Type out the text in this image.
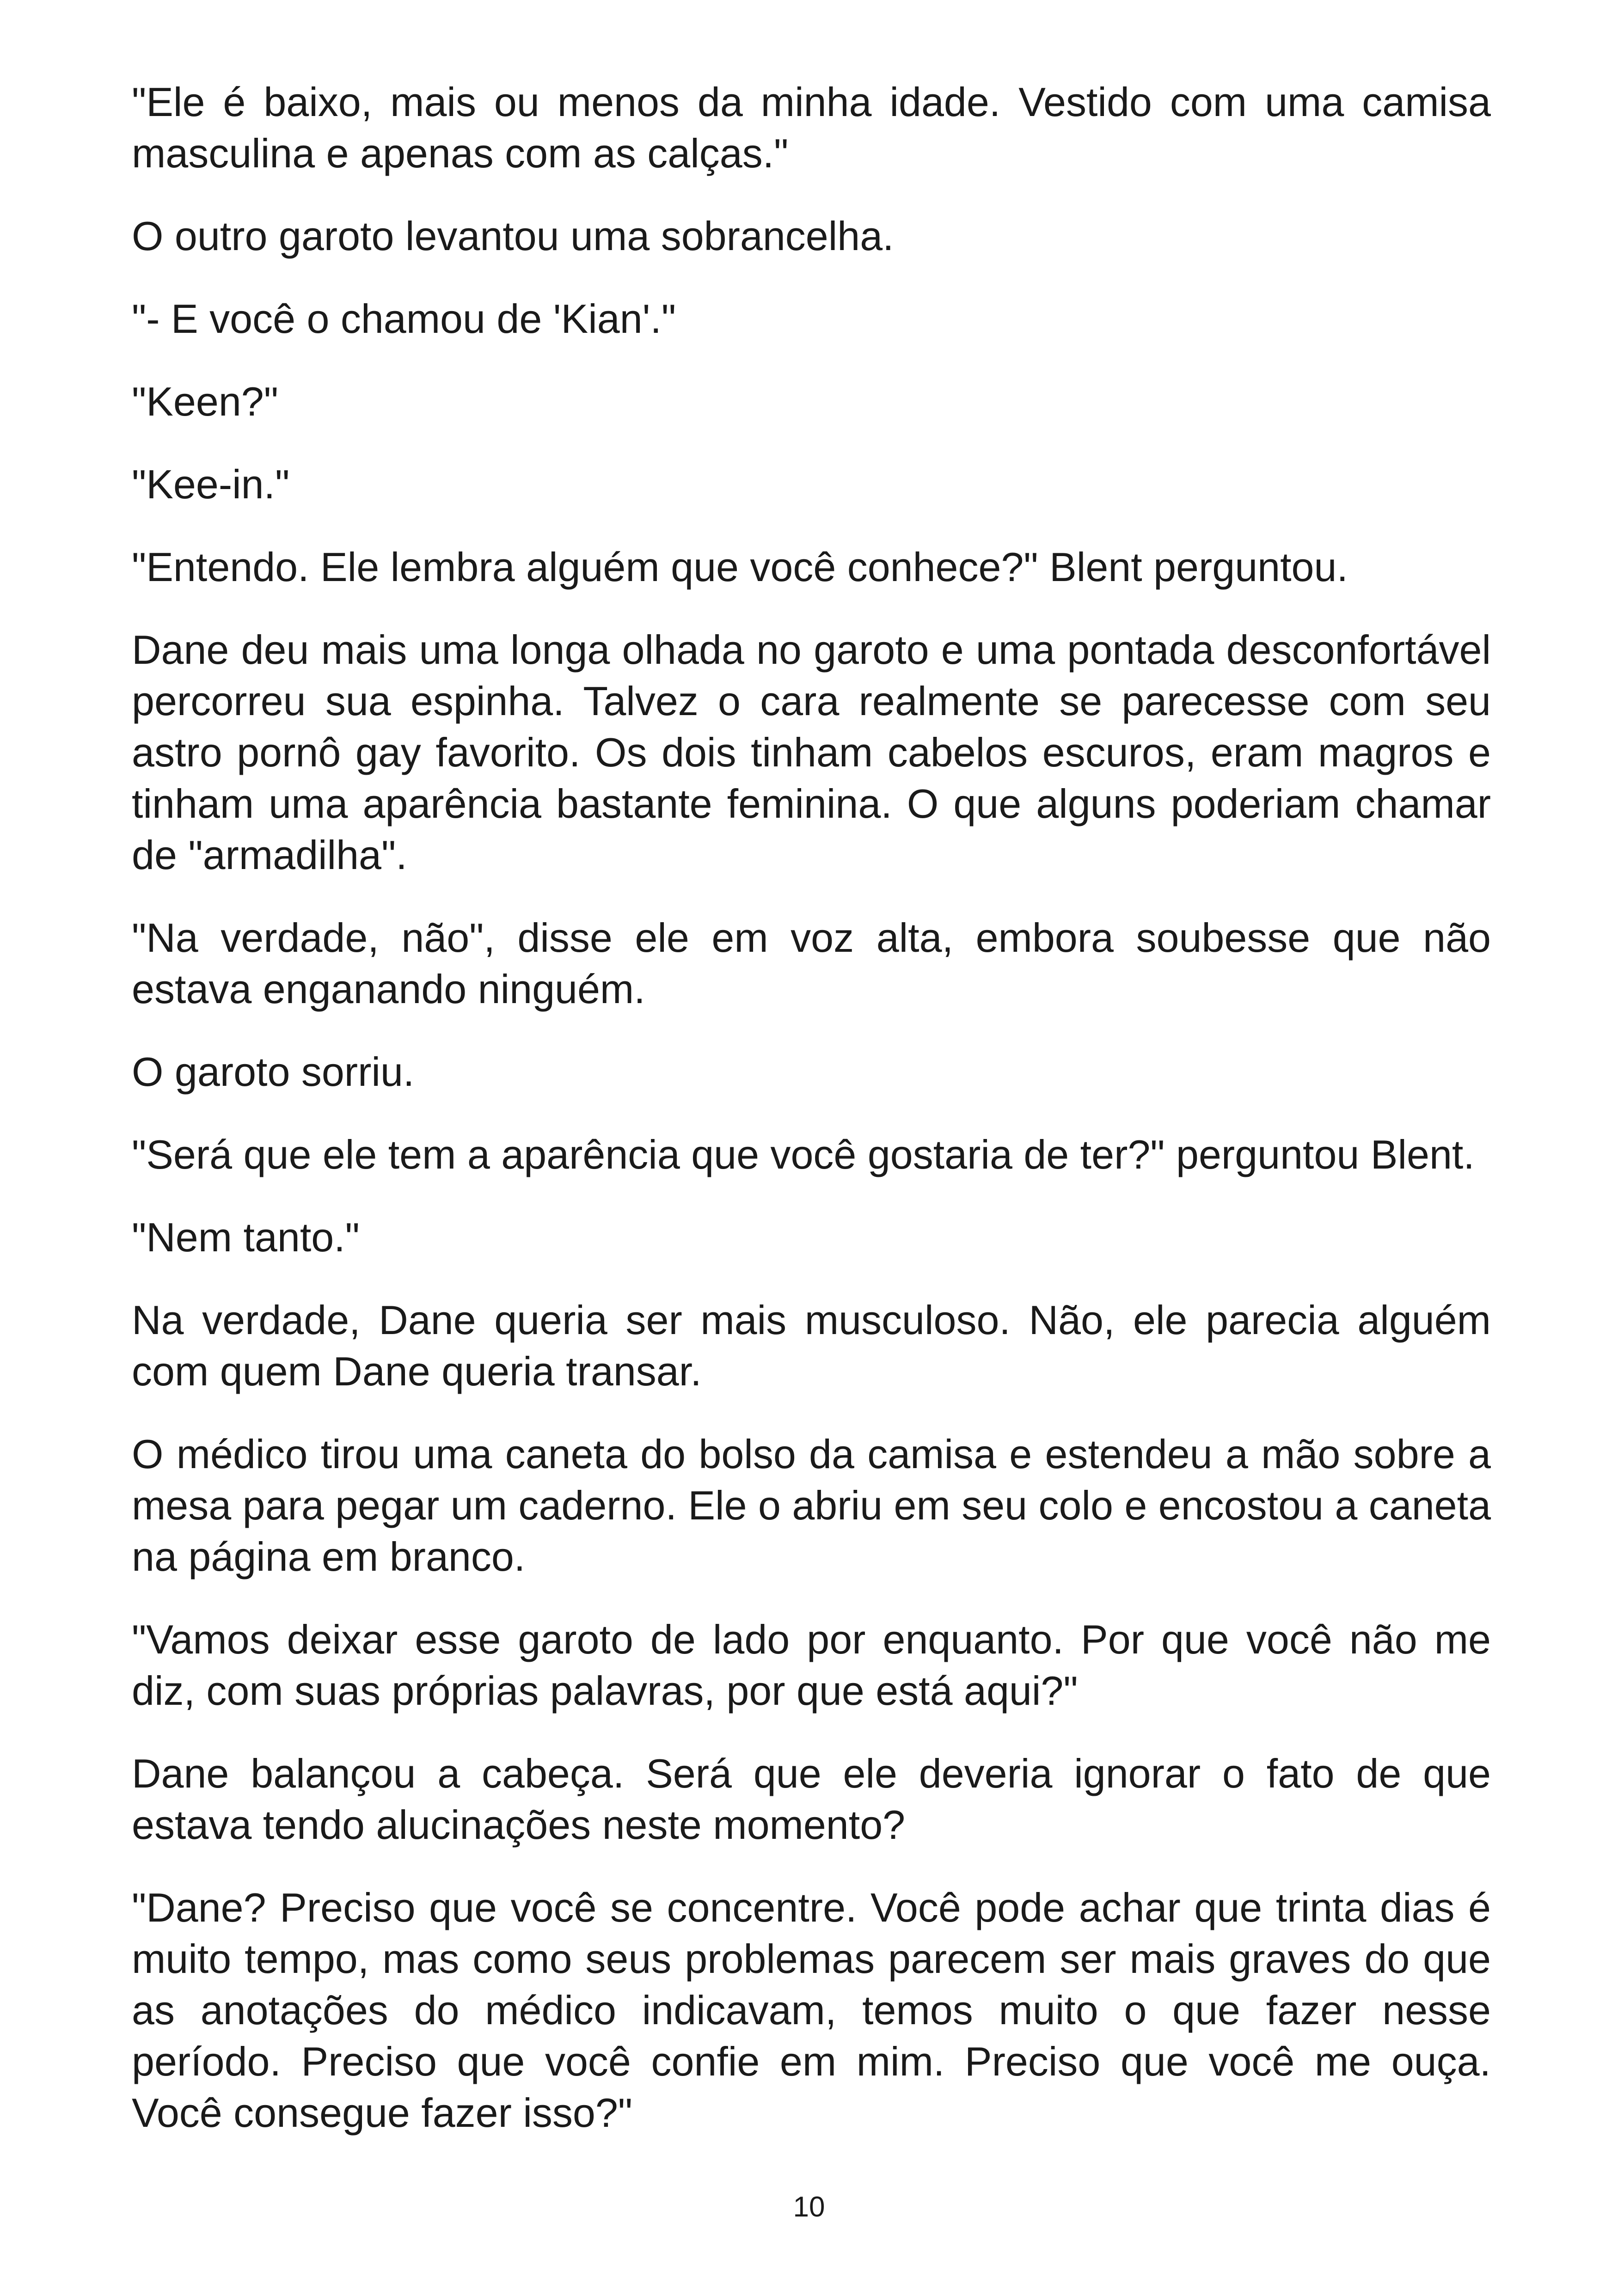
"Ele é baixo, mais ou menos da minha idade. Vestido com uma camisa masculina e apenas com as calças."

O outro garoto levantou uma sobrancelha.

"- E você o chamou de 'Kian'."

"Keen?"

"Kee-in."

"Entendo. Ele lembra alguém que você conhece?" Blent perguntou.

Dane deu mais uma longa olhada no garoto e uma pontada desconfortável percorreu sua espinha. Talvez o cara realmente se parecesse com seu astro pornô gay favorito. Os dois tinham cabelos escuros, eram magros e tinham uma aparência bastante feminina. O que alguns poderiam chamar de "armadilha".

"Na verdade, não", disse ele em voz alta, embora soubesse que não estava enganando ninguém.

O garoto sorriu.

"Será que ele tem a aparência que você gostaria de ter?" perguntou Blent.

"Nem tanto."

Na verdade, Dane queria ser mais musculoso. Não, ele parecia alguém com quem Dane queria transar.

O médico tirou uma caneta do bolso da camisa e estendeu a mão sobre a mesa para pegar um caderno. Ele o abriu em seu colo e encostou a caneta na página em branco.

"Vamos deixar esse garoto de lado por enquanto. Por que você não me diz, com suas próprias palavras, por que está aqui?"

Dane balançou a cabeça. Será que ele deveria ignorar o fato de que estava tendo alucinações neste momento?

"Dane? Preciso que você se concentre. Você pode achar que trinta dias é muito tempo, mas como seus problemas parecem ser mais graves do que as anotações do médico indicavam, temos muito o que fazer nesse período. Preciso que você confie em mim. Preciso que você me ouça. Você consegue fazer isso?"

10
